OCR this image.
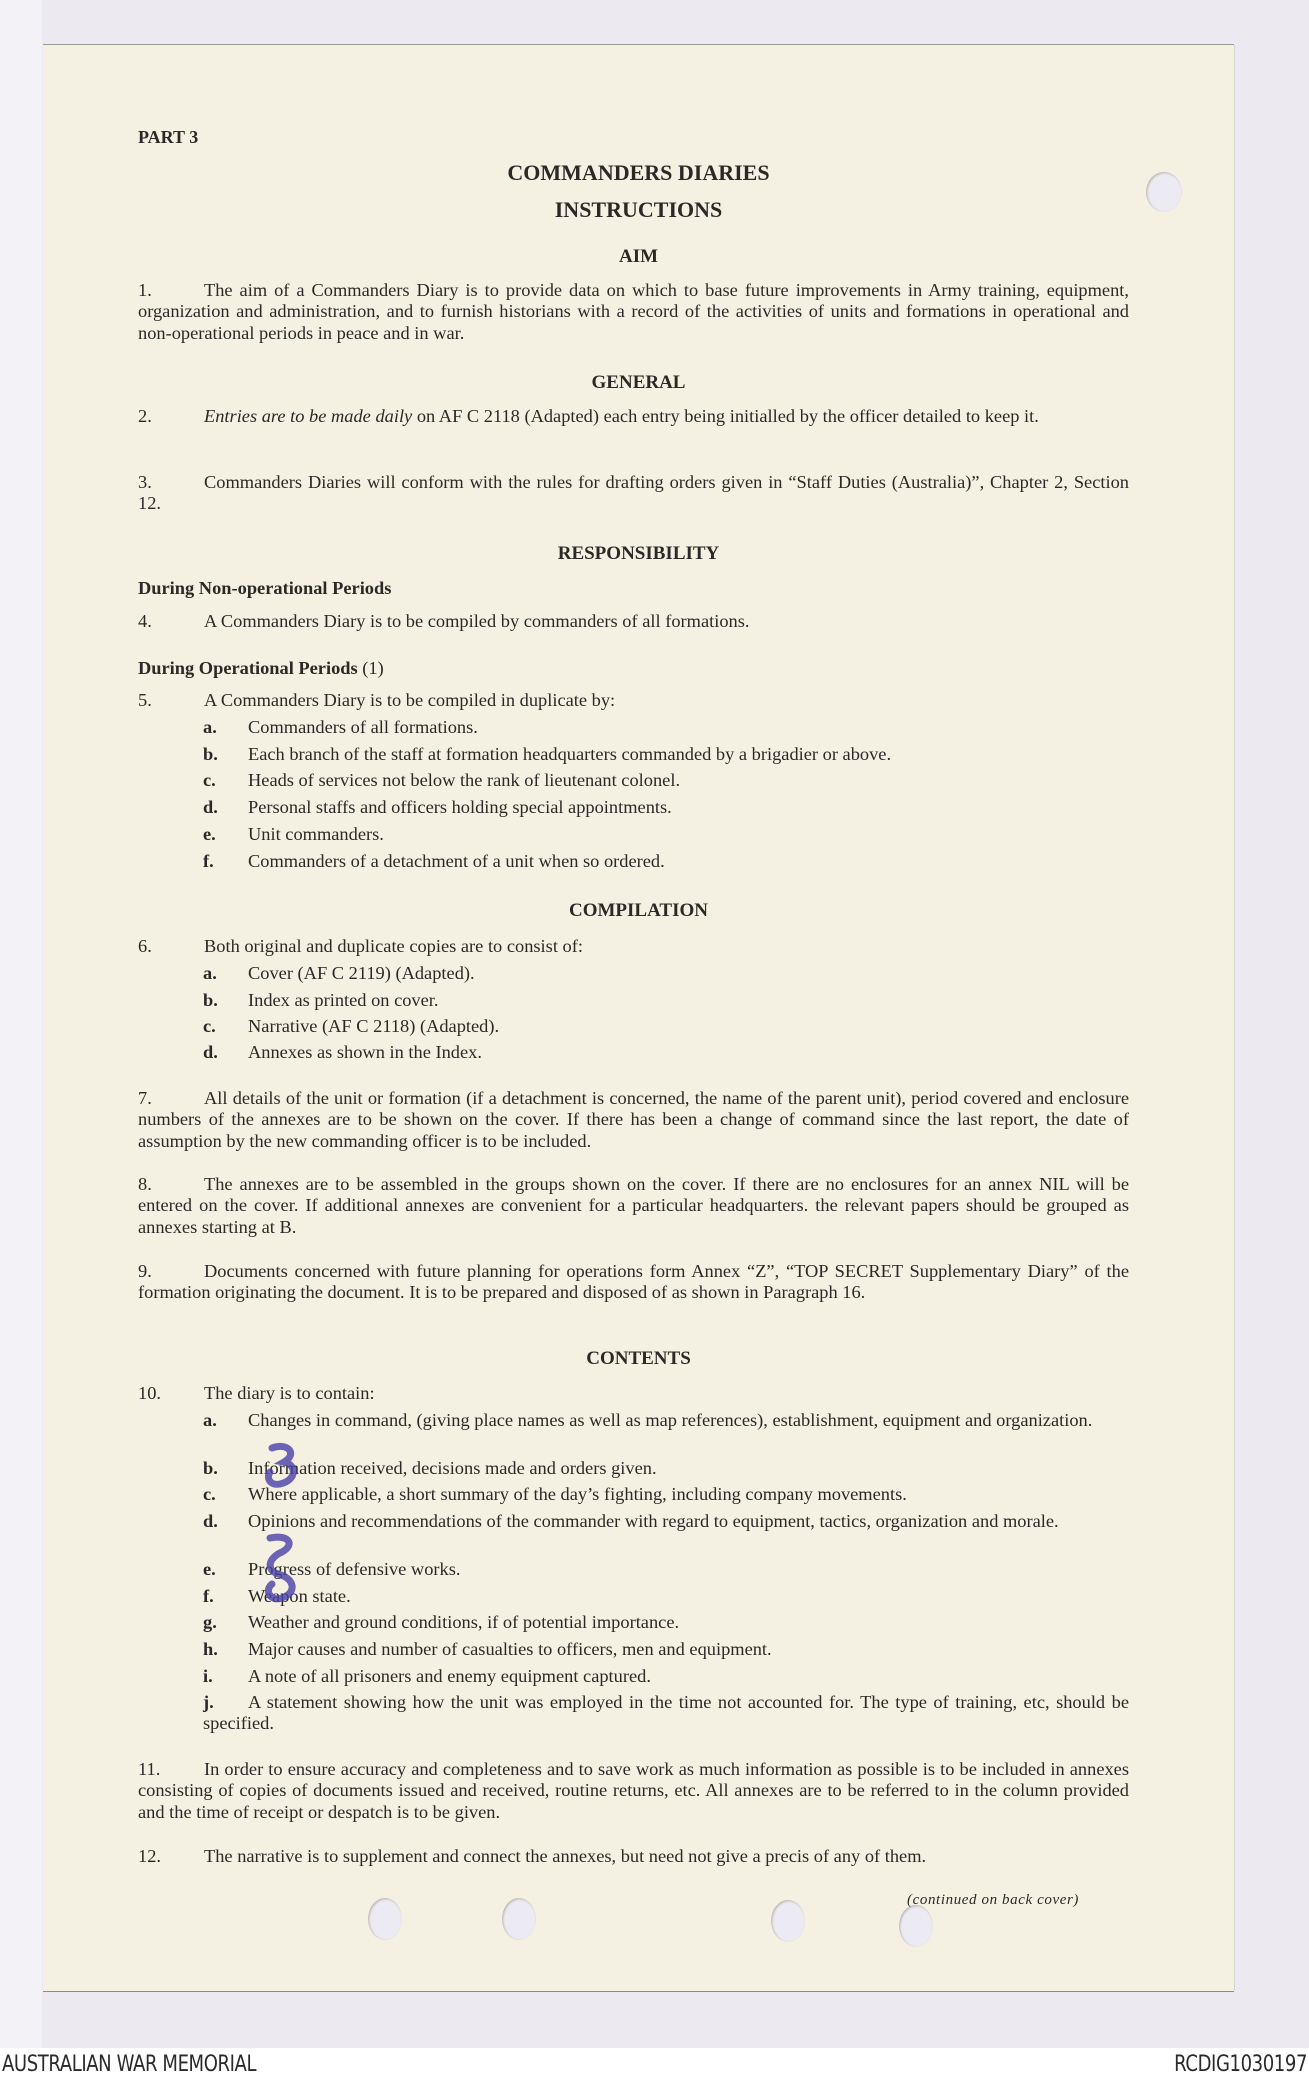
PART 3
COMMANDERS DIARIES
INSTRUCTIONS
AIM
1.	The aim of a Commanders Diary is to provide data on which to base future improvements in Army training, equipment, organization and administration, and to furnish historians with a record of the activities of units and formations in operational and non-operational periods in peace and in war.
GENERAL
2.	Entries are to be made daily on AF C 2118 (Adapted) each entry being initialled by the officer detailed to keep it.
3.	Commanders Diaries will conform with the rules for drafting orders given in “Staff Duties (Australia)”, Chapter 2, Section 12.
RESPONSIBILITY
During Non-operational Periods
4.	A Commanders Diary is to be compiled by commanders of all formations.
During Operational Periods (1)
5.	A Commanders Diary is to be compiled in duplicate by:
a. Commanders of all formations.
b. Each branch of the staff at formation headquarters commanded by a brigadier or above.
c. Heads of services not below the rank of lieutenant colonel.
d. Personal staffs and officers holding special appointments.
e. Unit commanders.
f. Commanders of a detachment of a unit when so ordered.
COMPILATION
6.	Both original and duplicate copies are to consist of:
a. Cover (AF C 2119) (Adapted).
b. Index as printed on cover.
c. Narrative (AF C 2118) (Adapted).
d. Annexes as shown in the Index.
7.	All details of the unit or formation (if a detachment is concerned, the name of the parent unit), period covered and enclosure numbers of the annexes are to be shown on the cover. If there has been a change of command since the last report, the date of assumption by the new commanding officer is to be included.
8.	The annexes are to be assembled in the groups shown on the cover. If there are no enclosures for an annex NIL will be entered on the cover. If additional annexes are convenient for a particular headquarters. the relevant papers should be grouped as annexes starting at B.
9.	Documents concerned with future planning for operations form Annex “Z”, “TOP SECRET Supplementary Diary” of the formation originating the document. It is to be prepared and disposed of as shown in Paragraph 16.
CONTENTS
10. The diary is to contain:
a.	Changes in command, (giving place names as well as map references), establishment, equipment and organization.
b. Information received, decisions made and orders given.
c. Where applicable, a short summary of the day’s fighting, including company movements.
d.	Opinions and recommendations of the commander with regard to equipment, tactics, organization and morale.
e. Progress of defensive works.
f. Weapon state.
g. Weather and ground conditions, if of potential importance.
h. Major causes and number of casualties to officers, men and equipment.
i. A note of all prisoners and enemy equipment captured.
j.	A statement showing how the unit was employed in the time not accounted for. The type of training, etc, should be specified.
11.	In order to ensure accuracy and completeness and to save work as much information as possible is to be included in annexes consisting of copies of documents issued and received, routine returns, etc. All annexes are to be referred to in the column provided and the time of receipt or despatch is to be given.
12. The narrative is to supplement and connect the annexes, but need not give a precis of any of them.
(continued on back cover)
AUSTRALIAN WAR MEMORIAL	RCDIG1030197
